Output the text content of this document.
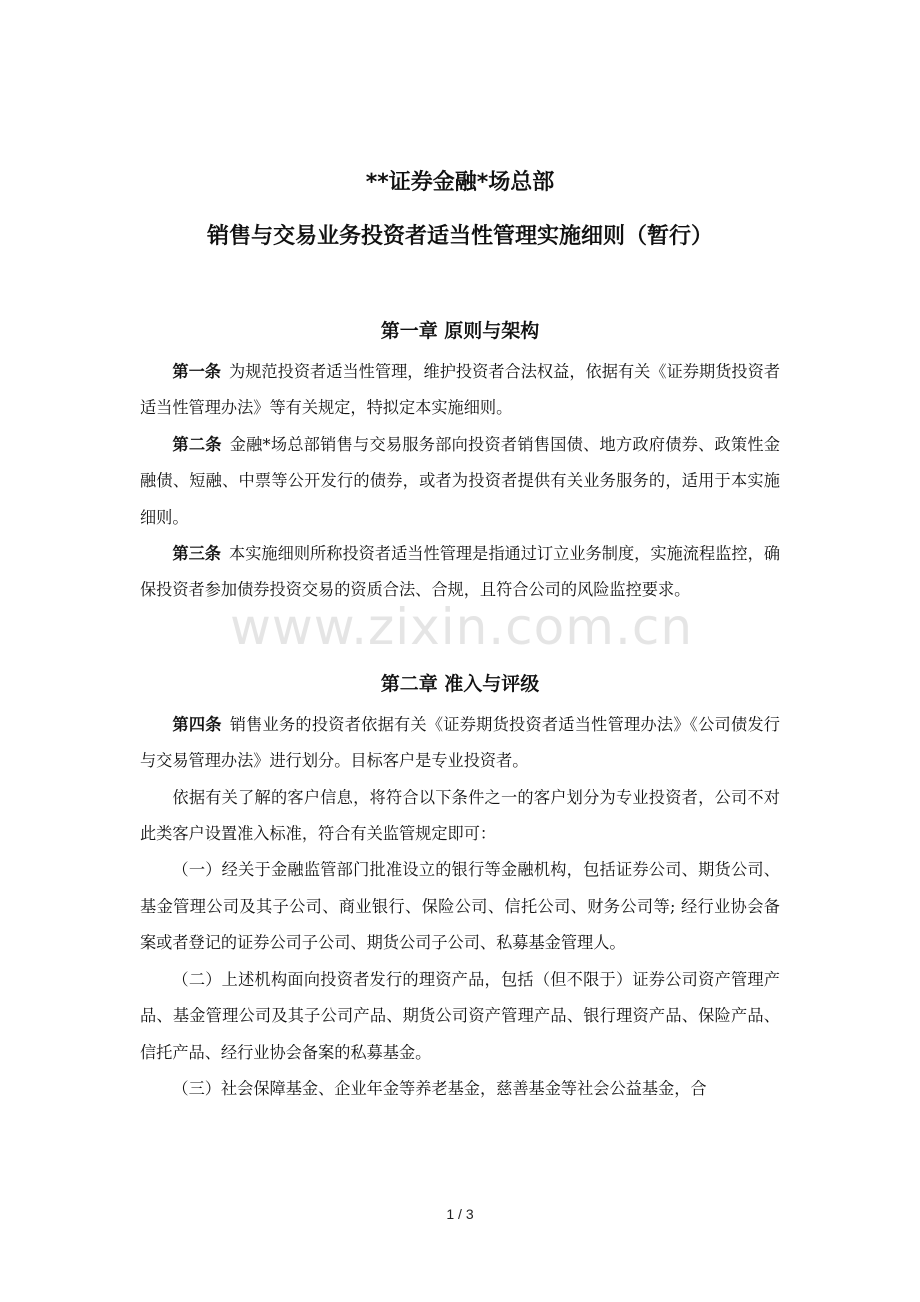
**证券金融*场总部
销售与交易业务投资者适当性管理实施细则（暂行）
第一章 原则与架构

第一条 为规范投资者适当性管理，维护投资者合法权益，依据有关《证券期货投资者适当性管理办法》等有关规定，特拟定本实施细则。

第二条 金融*场总部销售与交易服务部向投资者销售国债、地方政府债券、政策性金融债、短融、中票等公开发行的债券，或者为投资者提供有关业务服务的，适用于本实施细则。

第三条 本实施细则所称投资者适当性管理是指通过订立业务制度，实施流程监控，确保投资者参加债券投资交易的资质合法、合规，且符合公司的风险监控要求。

第二章 准入与评级

第四条 销售业务的投资者依据有关《证券期货投资者适当性管理办法》《公司债发行与交易管理办法》进行划分。目标客户是专业投资者。

依据有关了解的客户信息，将符合以下条件之一的客户划分为专业投资者，公司不对此类客户设置准入标准，符合有关监管规定即可：

（一）经关于金融监管部门批准设立的银行等金融机构，包括证券公司、期货公司、基金管理公司及其子公司、商业银行、保险公司、信托公司、财务公司等; 经行业协会备案或者登记的证券公司子公司、期货公司子公司、私募基金管理人。

（二）上述机构面向投资者发行的理资产品，包括（但不限于）证券公司资产管理产品、基金管理公司及其子公司产品、期货公司资产管理产品、银行理资产品、保险产品、信托产品、经行业协会备案的私募基金。

（三）社会保障基金、企业年金等养老基金，慈善基金等社会公益基金，合

www.zixin.com.cn
1 / 3
